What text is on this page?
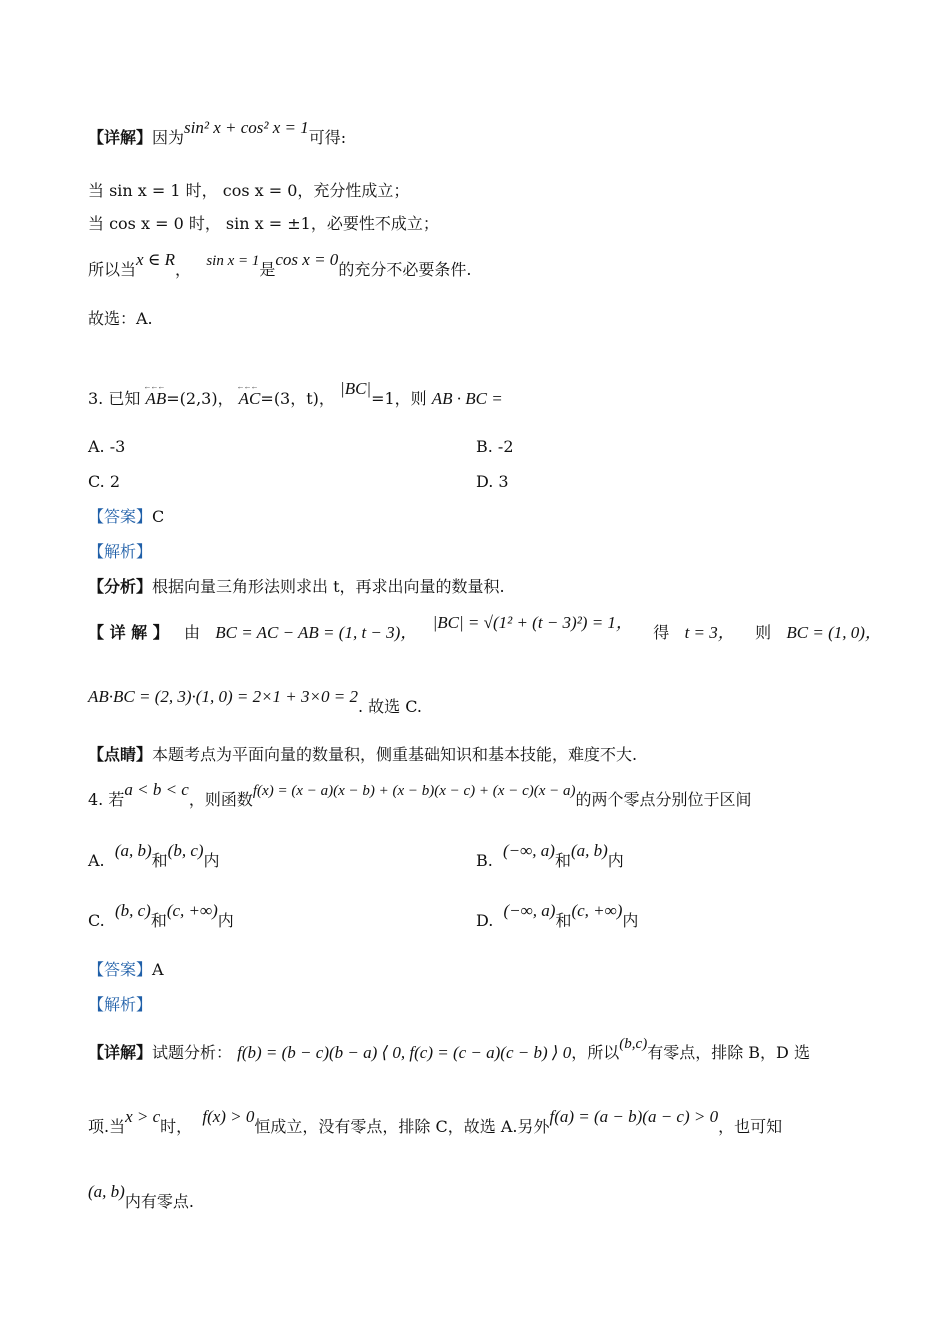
【详解】因为sin² x + cos² x = 1可得:
当 sin x = 1 时， cos x = 0，充分性成立；
当 cos x = 0 时， sin x = ±1，必要性不成立；
所以当x ∈ R， sin x = 1是cos x = 0的充分不必要条件.
故选：A.
3. 已知 ←←← AB=(2,3)， ←←← AC=(3，t)， |BC|=1，则 AB · BC =
A. -3	B. -2
C. 2	D. 3
【答案】C
【解析】
【分析】根据向量三角形法则求出 t，再求出向量的数量积.
【 详 解 】 由 BC = AC − AB = (1, t − 3)，   |BC| = √(1² + (t − 3)²) = 1，    得 t = 3， 则 BC = (1, 0)，
AB·BC = (2, 3)·(1, 0) = 2×1 + 3×0 = 2. 故选 C.
【点睛】本题考点为平面向量的数量积，侧重基础知识和基本技能，难度不大.
4. 若a < b < c，则函数f(x) = (x − a)(x − b) + (x − b)(x − c) + (x − c)(x − a)的两个零点分别位于区间
A.  (a, b)和(b, c)内	B.  (−∞, a)和(a, b)内
C.  (b, c)和(c, +∞)内	D.  (−∞, a)和(c, +∞)内
【答案】A
【解析】
【详解】试题分析： f(b) = (b − c)(b − a) ⟨ 0, f(c) = (c − a)(c − b) ⟩ 0，所以(b,c)有零点，排除 B，D 选
项.当x > c时，  f(x) > 0恒成立，没有零点，排除 C，故选 A.另外f(a) = (a − b)(a − c) > 0，也可知
(a, b)内有零点.
